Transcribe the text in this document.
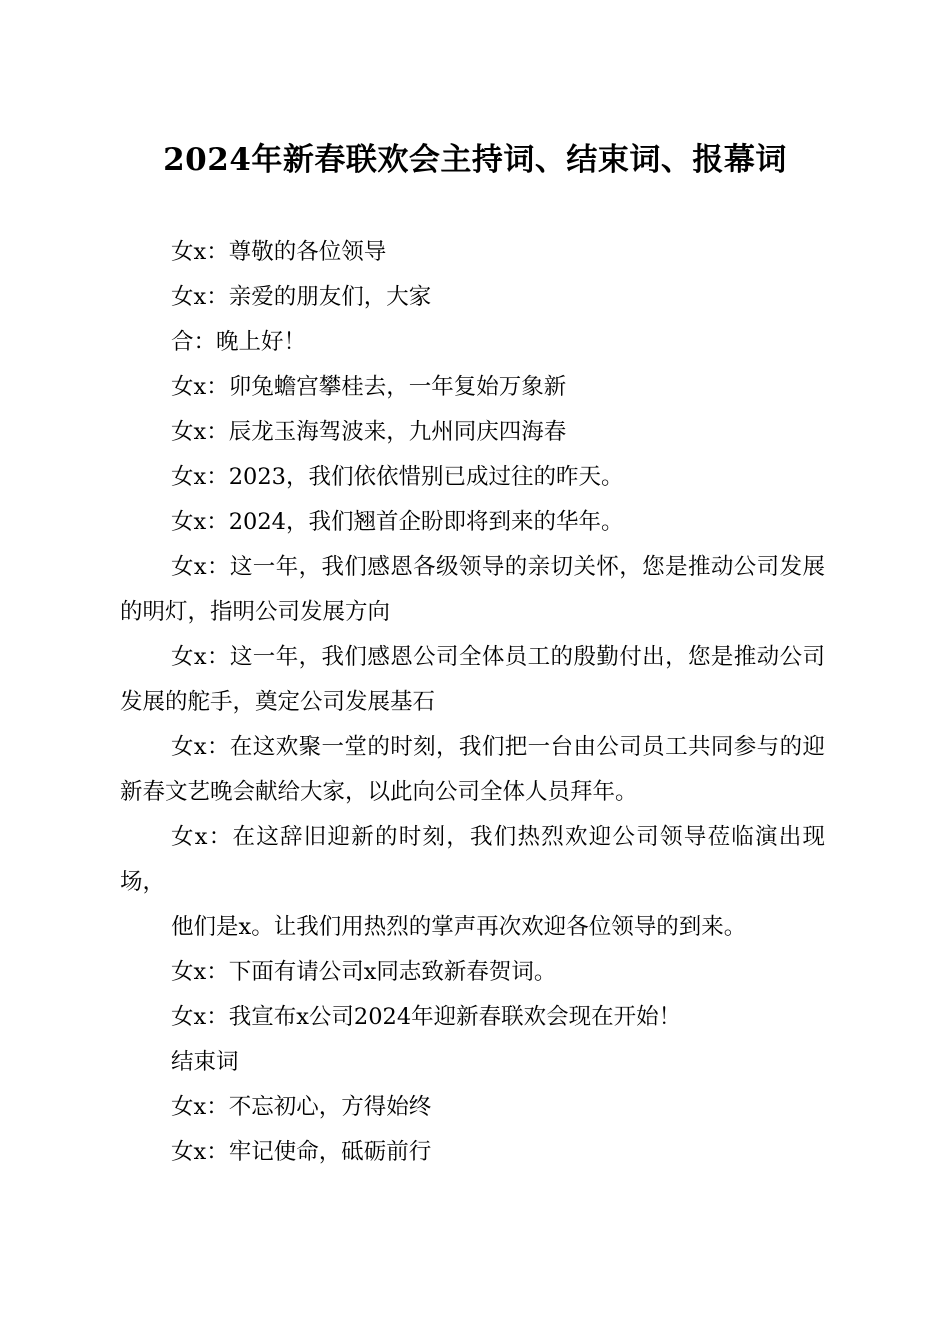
2024年新春联欢会主持词、结束词、报幕词

女x：尊敬的各位领导

女x：亲爱的朋友们，大家

合：晚上好！

女x：卯兔蟾宫攀桂去，一年复始万象新

女x：辰龙玉海驾波来，九州同庆四海春

女x：2023，我们依依惜别已成过往的昨天。

女x：2024，我们翘首企盼即将到来的华年。

女x：这一年，我们感恩各级领导的亲切关怀，您是推动公司发展的明灯，指明公司发展方向

女x：这一年，我们感恩公司全体员工的殷勤付出，您是推动公司发展的舵手，奠定公司发展基石

女x：在这欢聚一堂的时刻，我们把一台由公司员工共同参与的迎新春文艺晚会献给大家，以此向公司全体人员拜年。

女x：在这辞旧迎新的时刻，我们热烈欢迎公司领导莅临演出现场，

他们是x。让我们用热烈的掌声再次欢迎各位领导的到来。

女x：下面有请公司x同志致新春贺词。

女x：我宣布x公司2024年迎新春联欢会现在开始！

结束词

女x：不忘初心，方得始终

女x：牢记使命，砥砺前行
